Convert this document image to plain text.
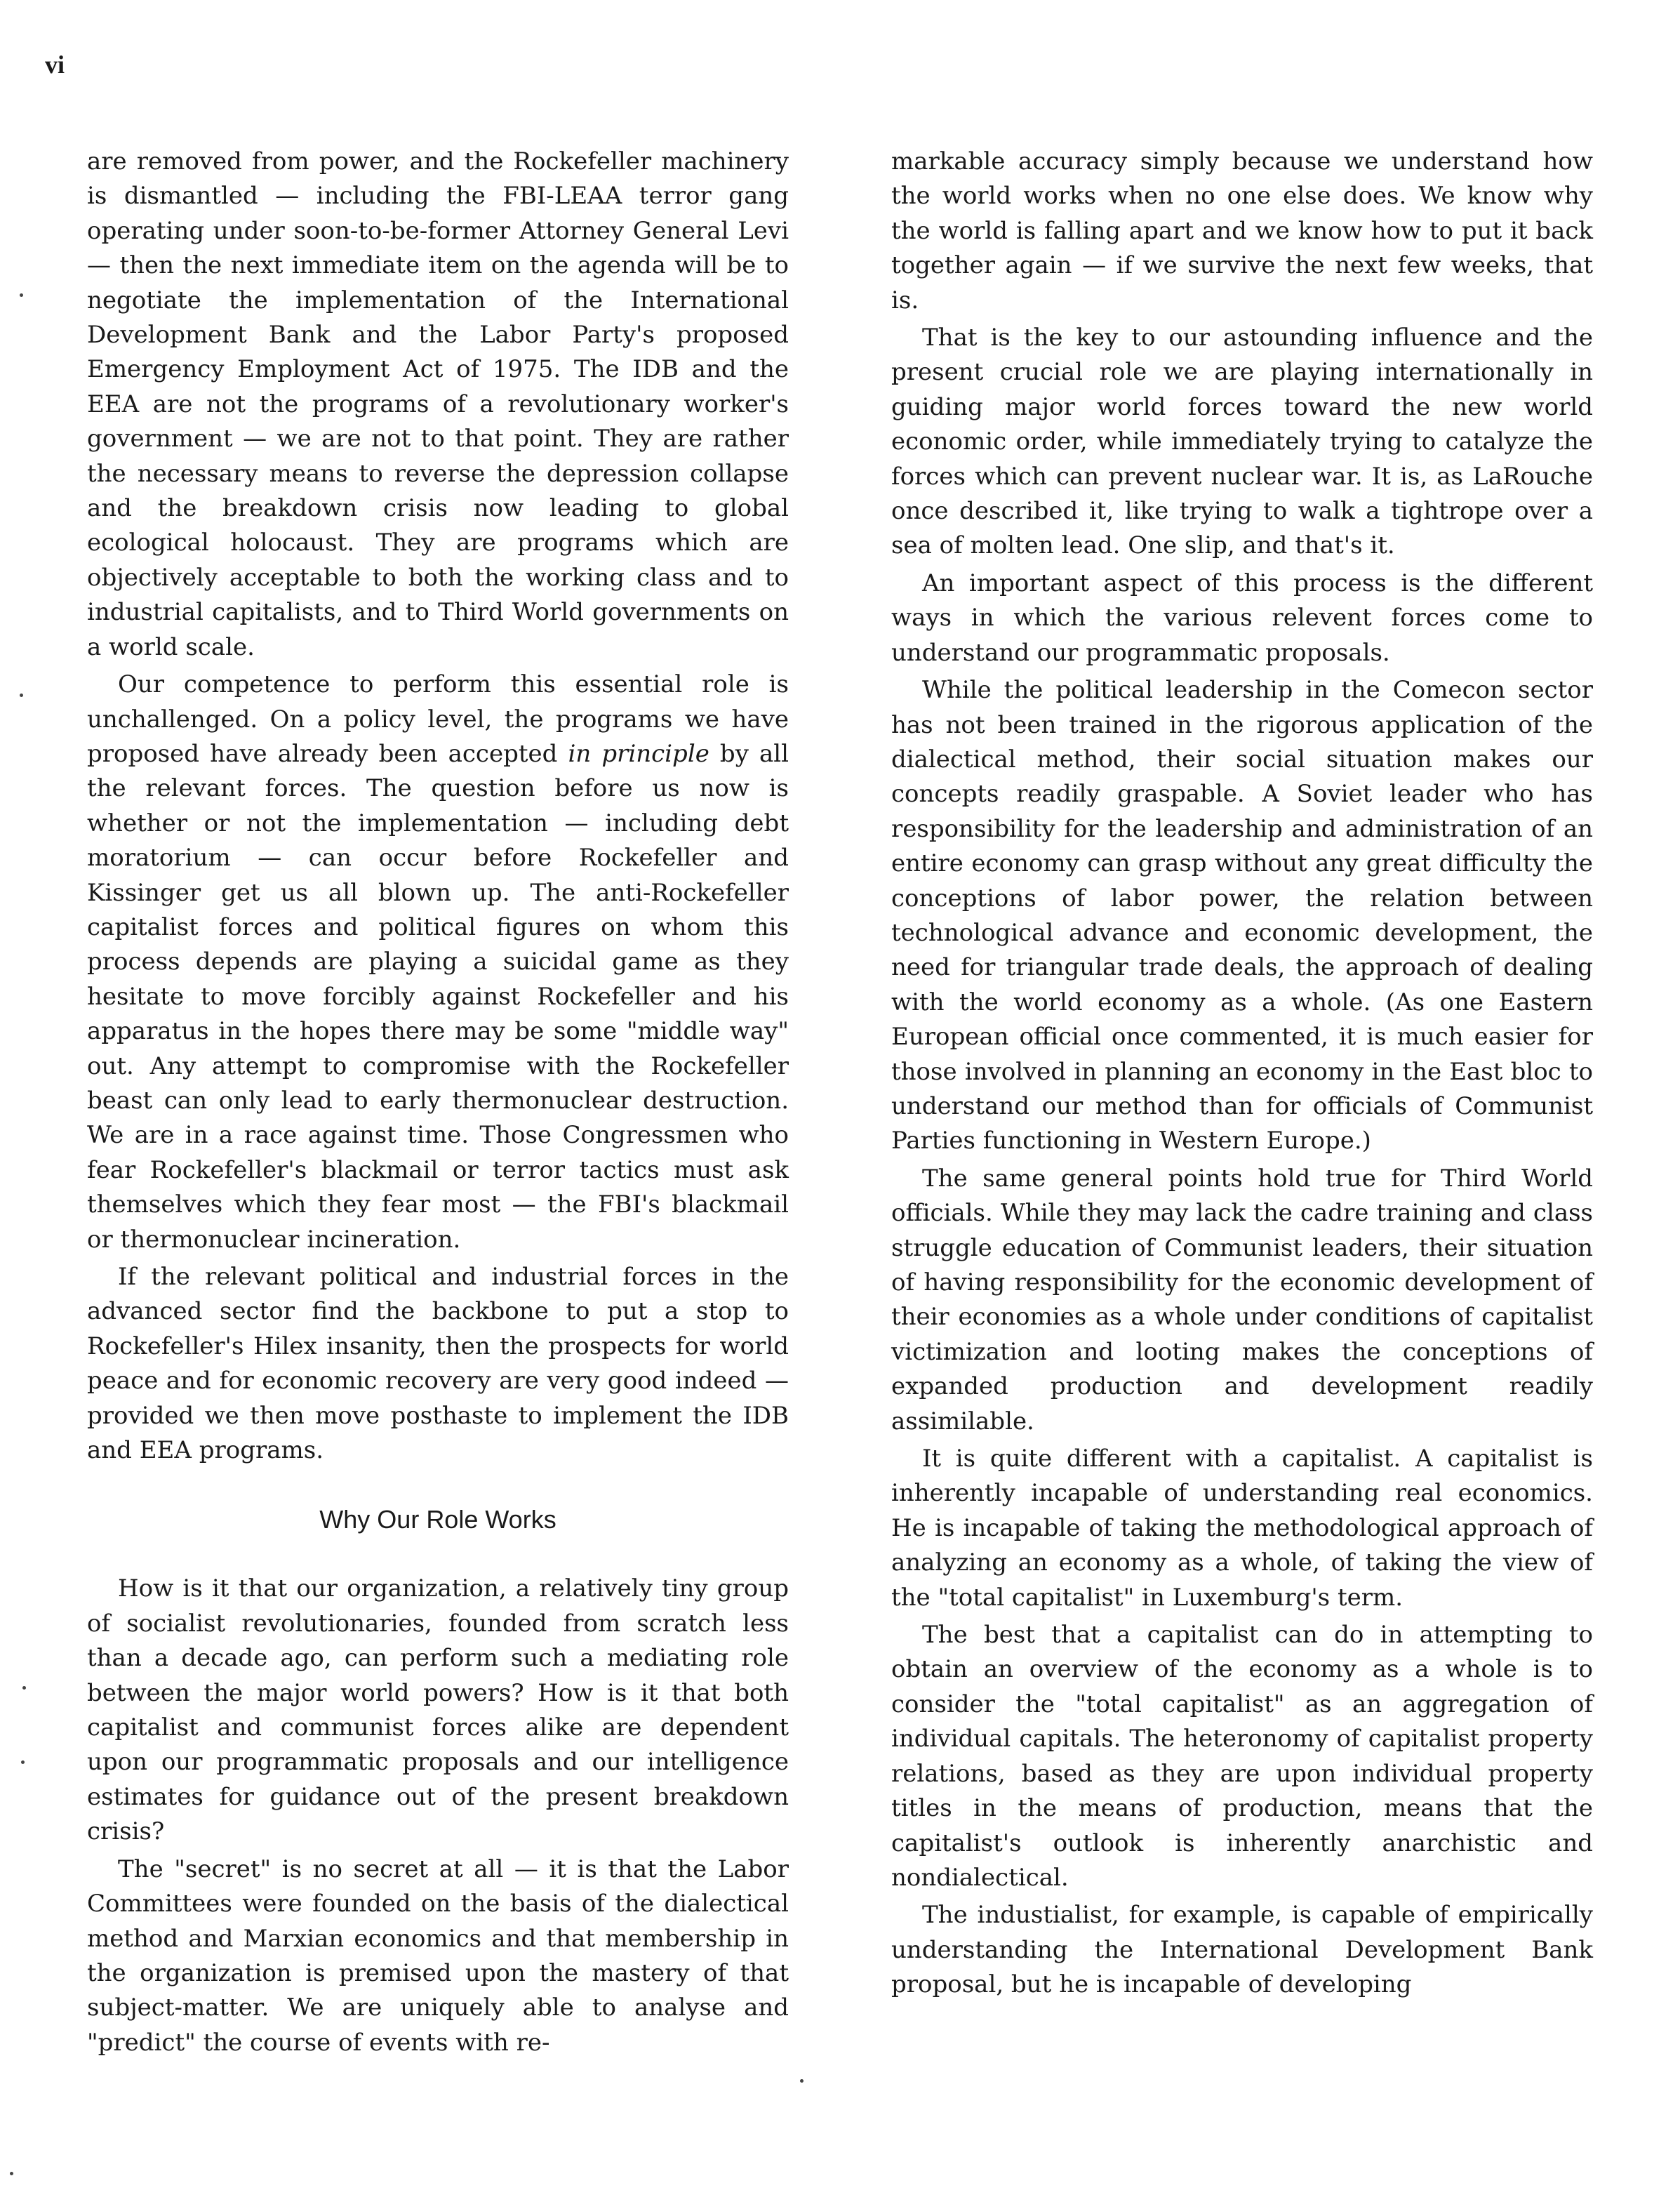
vi

are removed from power, and the Rockefeller machinery is dismantled — including the FBI-LEAA terror gang operating under soon-to-be-former Attorney General Levi — then the next immediate item on the agenda will be to negotiate the implementation of the International Development Bank and the Labor Party's proposed Emergency Employment Act of 1975. The IDB and the EEA are not the programs of a revolutionary worker's government — we are not to that point. They are rather the necessary means to reverse the depression collapse and the breakdown crisis now leading to global ecological holocaust. They are programs which are objectively acceptable to both the working class and to industrial capitalists, and to Third World governments on a world scale.

Our competence to perform this essential role is unchallenged. On a policy level, the programs we have proposed have already been accepted in principle by all the relevant forces. The question before us now is whether or not the implementation — including debt moratorium — can occur before Rockefeller and Kissinger get us all blown up. The anti-Rockefeller capitalist forces and political figures on whom this process depends are playing a suicidal game as they hesitate to move forcibly against Rockefeller and his apparatus in the hopes there may be some "middle way" out. Any attempt to compromise with the Rockefeller beast can only lead to early thermonuclear destruction. We are in a race against time. Those Congressmen who fear Rockefeller's blackmail or terror tactics must ask themselves which they fear most — the FBI's blackmail or thermonuclear incineration.

If the relevant political and industrial forces in the advanced sector find the backbone to put a stop to Rockefeller's Hilex insanity, then the prospects for world peace and for economic recovery are very good indeed — provided we then move posthaste to implement the IDB and EEA programs.

Why Our Role Works

How is it that our organization, a relatively tiny group of socialist revolutionaries, founded from scratch less than a decade ago, can perform such a mediating role between the major world powers? How is it that both capitalist and communist forces alike are dependent upon our programmatic proposals and our intelligence estimates for guidance out of the present breakdown crisis?

The "secret" is no secret at all — it is that the Labor Committees were founded on the basis of the dialectical method and Marxian economics and that membership in the organization is premised upon the mastery of that subject-matter. We are uniquely able to analyse and "predict" the course of events with re-

markable accuracy simply because we understand how the world works when no one else does. We know why the world is falling apart and we know how to put it back together again — if we survive the next few weeks, that is.

That is the key to our astounding influence and the present crucial role we are playing internationally in guiding major world forces toward the new world economic order, while immediately trying to catalyze the forces which can prevent nuclear war. It is, as LaRouche once described it, like trying to walk a tightrope over a sea of molten lead. One slip, and that's it.

An important aspect of this process is the different ways in which the various relevent forces come to understand our programmatic proposals.

While the political leadership in the Comecon sector has not been trained in the rigorous application of the dialectical method, their social situation makes our concepts readily graspable. A Soviet leader who has responsibility for the leadership and administration of an entire economy can grasp without any great difficulty the conceptions of labor power, the relation between technological advance and economic development, the need for triangular trade deals, the approach of dealing with the world economy as a whole. (As one Eastern European official once commented, it is much easier for those involved in planning an economy in the East bloc to understand our method than for officials of Communist Parties functioning in Western Europe.)

The same general points hold true for Third World officials. While they may lack the cadre training and class struggle education of Communist leaders, their situation of having responsibility for the economic development of their economies as a whole under conditions of capitalist victimization and looting makes the conceptions of expanded production and development readily assimilable.

It is quite different with a capitalist. A capitalist is inherently incapable of understanding real economics. He is incapable of taking the methodological approach of analyzing an economy as a whole, of taking the view of the "total capitalist" in Luxemburg's term.

The best that a capitalist can do in attempting to obtain an overview of the economy as a whole is to consider the "total capitalist" as an aggregation of individual capitals. The heteronomy of capitalist property relations, based as they are upon individual property titles in the means of production, means that the capitalist's outlook is inherently anarchistic and nondialectical.

The industialist, for example, is capable of empirically understanding the International Development Bank proposal, but he is incapable of developing
